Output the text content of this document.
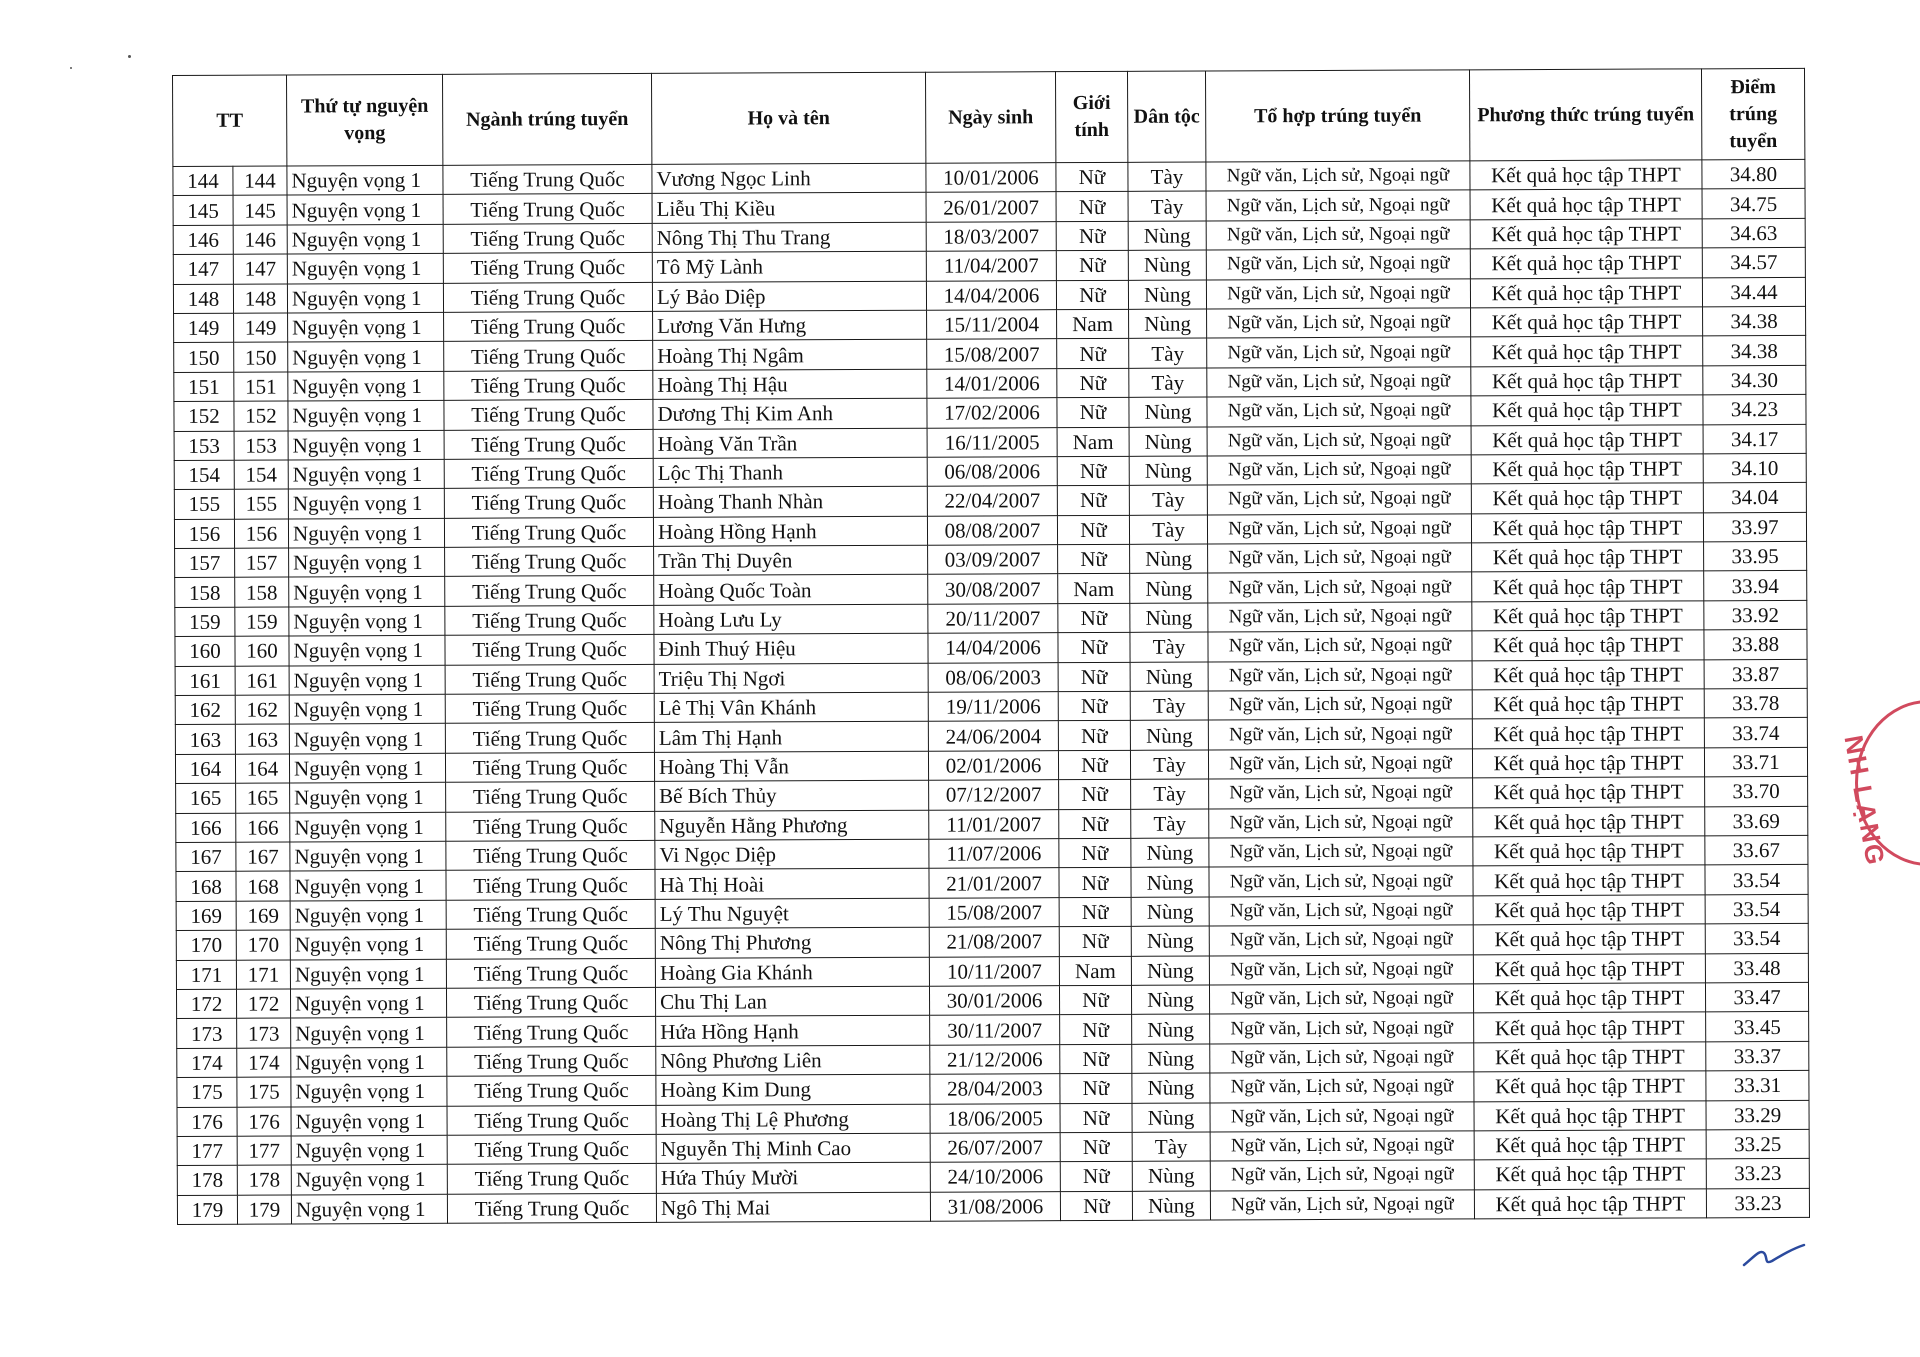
TT		Thứ tự nguyện vọng	Ngành trúng tuyển	Họ và tên	Ngày sinh	Giới tính	Dân tộc	Tổ hợp trúng tuyển	Phương thức trúng tuyển	Điểm trúng tuyển
144	144	Nguyện vọng 1	Tiếng Trung Quốc	Vương Ngọc Linh	10/01/2006	Nữ	Tày	Ngữ văn, Lịch sử, Ngoại ngữ	Kết quả học tập THPT	34.80
145	145	Nguyện vọng 1	Tiếng Trung Quốc	Liễu Thị Kiều	26/01/2007	Nữ	Tày	Ngữ văn, Lịch sử, Ngoại ngữ	Kết quả học tập THPT	34.75
146	146	Nguyện vọng 1	Tiếng Trung Quốc	Nông Thị Thu Trang	18/03/2007	Nữ	Nùng	Ngữ văn, Lịch sử, Ngoại ngữ	Kết quả học tập THPT	34.63
147	147	Nguyện vọng 1	Tiếng Trung Quốc	Tô Mỹ Lành	11/04/2007	Nữ	Nùng	Ngữ văn, Lịch sử, Ngoại ngữ	Kết quả học tập THPT	34.57
148	148	Nguyện vọng 1	Tiếng Trung Quốc	Lý Bảo Diệp	14/04/2006	Nữ	Nùng	Ngữ văn, Lịch sử, Ngoại ngữ	Kết quả học tập THPT	34.44
149	149	Nguyện vọng 1	Tiếng Trung Quốc	Lương Văn Hưng	15/11/2004	Nam	Nùng	Ngữ văn, Lịch sử, Ngoại ngữ	Kết quả học tập THPT	34.38
150	150	Nguyện vọng 1	Tiếng Trung Quốc	Hoàng Thị Ngâm	15/08/2007	Nữ	Tày	Ngữ văn, Lịch sử, Ngoại ngữ	Kết quả học tập THPT	34.38
151	151	Nguyện vọng 1	Tiếng Trung Quốc	Hoàng Thị Hậu	14/01/2006	Nữ	Tày	Ngữ văn, Lịch sử, Ngoại ngữ	Kết quả học tập THPT	34.30
152	152	Nguyện vọng 1	Tiếng Trung Quốc	Dương Thị Kim Anh	17/02/2006	Nữ	Nùng	Ngữ văn, Lịch sử, Ngoại ngữ	Kết quả học tập THPT	34.23
153	153	Nguyện vọng 1	Tiếng Trung Quốc	Hoàng Văn Trần	16/11/2005	Nam	Nùng	Ngữ văn, Lịch sử, Ngoại ngữ	Kết quả học tập THPT	34.17
154	154	Nguyện vọng 1	Tiếng Trung Quốc	Lộc Thị Thanh	06/08/2006	Nữ	Nùng	Ngữ văn, Lịch sử, Ngoại ngữ	Kết quả học tập THPT	34.10
155	155	Nguyện vọng 1	Tiếng Trung Quốc	Hoàng Thanh Nhàn	22/04/2007	Nữ	Tày	Ngữ văn, Lịch sử, Ngoại ngữ	Kết quả học tập THPT	34.04
156	156	Nguyện vọng 1	Tiếng Trung Quốc	Hoàng Hồng Hạnh	08/08/2007	Nữ	Tày	Ngữ văn, Lịch sử, Ngoại ngữ	Kết quả học tập THPT	33.97
157	157	Nguyện vọng 1	Tiếng Trung Quốc	Trần Thị Duyên	03/09/2007	Nữ	Nùng	Ngữ văn, Lịch sử, Ngoại ngữ	Kết quả học tập THPT	33.95
158	158	Nguyện vọng 1	Tiếng Trung Quốc	Hoàng Quốc Toàn	30/08/2007	Nam	Nùng	Ngữ văn, Lịch sử, Ngoại ngữ	Kết quả học tập THPT	33.94
159	159	Nguyện vọng 1	Tiếng Trung Quốc	Hoàng Lưu Ly	20/11/2007	Nữ	Nùng	Ngữ văn, Lịch sử, Ngoại ngữ	Kết quả học tập THPT	33.92
160	160	Nguyện vọng 1	Tiếng Trung Quốc	Đinh Thuý Hiệu	14/04/2006	Nữ	Tày	Ngữ văn, Lịch sử, Ngoại ngữ	Kết quả học tập THPT	33.88
161	161	Nguyện vọng 1	Tiếng Trung Quốc	Triệu Thị Ngơi	08/06/2003	Nữ	Nùng	Ngữ văn, Lịch sử, Ngoại ngữ	Kết quả học tập THPT	33.87
162	162	Nguyện vọng 1	Tiếng Trung Quốc	Lê Thị Vân Khánh	19/11/2006	Nữ	Tày	Ngữ văn, Lịch sử, Ngoại ngữ	Kết quả học tập THPT	33.78
163	163	Nguyện vọng 1	Tiếng Trung Quốc	Lâm Thị Hạnh	24/06/2004	Nữ	Nùng	Ngữ văn, Lịch sử, Ngoại ngữ	Kết quả học tập THPT	33.74
164	164	Nguyện vọng 1	Tiếng Trung Quốc	Hoàng Thị Vẫn	02/01/2006	Nữ	Tày	Ngữ văn, Lịch sử, Ngoại ngữ	Kết quả học tập THPT	33.71
165	165	Nguyện vọng 1	Tiếng Trung Quốc	Bế Bích Thủy	07/12/2007	Nữ	Tày	Ngữ văn, Lịch sử, Ngoại ngữ	Kết quả học tập THPT	33.70
166	166	Nguyện vọng 1	Tiếng Trung Quốc	Nguyễn Hằng Phương	11/01/2007	Nữ	Tày	Ngữ văn, Lịch sử, Ngoại ngữ	Kết quả học tập THPT	33.69
167	167	Nguyện vọng 1	Tiếng Trung Quốc	Vi Ngọc Diệp	11/07/2006	Nữ	Nùng	Ngữ văn, Lịch sử, Ngoại ngữ	Kết quả học tập THPT	33.67
168	168	Nguyện vọng 1	Tiếng Trung Quốc	Hà Thị Hoài	21/01/2007	Nữ	Nùng	Ngữ văn, Lịch sử, Ngoại ngữ	Kết quả học tập THPT	33.54
169	169	Nguyện vọng 1	Tiếng Trung Quốc	Lý Thu Nguyệt	15/08/2007	Nữ	Nùng	Ngữ văn, Lịch sử, Ngoại ngữ	Kết quả học tập THPT	33.54
170	170	Nguyện vọng 1	Tiếng Trung Quốc	Nông Thị Phương	21/08/2007	Nữ	Nùng	Ngữ văn, Lịch sử, Ngoại ngữ	Kết quả học tập THPT	33.54
171	171	Nguyện vọng 1	Tiếng Trung Quốc	Hoàng Gia Khánh	10/11/2007	Nam	Nùng	Ngữ văn, Lịch sử, Ngoại ngữ	Kết quả học tập THPT	33.48
172	172	Nguyện vọng 1	Tiếng Trung Quốc	Chu Thị Lan	30/01/2006	Nữ	Nùng	Ngữ văn, Lịch sử, Ngoại ngữ	Kết quả học tập THPT	33.47
173	173	Nguyện vọng 1	Tiếng Trung Quốc	Hứa Hồng Hạnh	30/11/2007	Nữ	Nùng	Ngữ văn, Lịch sử, Ngoại ngữ	Kết quả học tập THPT	33.45
174	174	Nguyện vọng 1	Tiếng Trung Quốc	Nông Phương Liên	21/12/2006	Nữ	Nùng	Ngữ văn, Lịch sử, Ngoại ngữ	Kết quả học tập THPT	33.37
175	175	Nguyện vọng 1	Tiếng Trung Quốc	Hoàng Kim Dung	28/04/2003	Nữ	Nùng	Ngữ văn, Lịch sử, Ngoại ngữ	Kết quả học tập THPT	33.31
176	176	Nguyện vọng 1	Tiếng Trung Quốc	Hoàng Thị Lệ Phương	18/06/2005	Nữ	Nùng	Ngữ văn, Lịch sử, Ngoại ngữ	Kết quả học tập THPT	33.29
177	177	Nguyện vọng 1	Tiếng Trung Quốc	Nguyễn Thị Minh Cao	26/07/2007	Nữ	Tày	Ngữ văn, Lịch sử, Ngoại ngữ	Kết quả học tập THPT	33.25
178	178	Nguyện vọng 1	Tiếng Trung Quốc	Hứa Thúy Mười	24/10/2006	Nữ	Nùng	Ngữ văn, Lịch sử, Ngoại ngữ	Kết quả học tập THPT	33.23
179	179	Nguyện vọng 1	Tiếng Trung Quốc	Ngô Thị Mai	31/08/2006	Nữ	Nùng	Ngữ văn, Lịch sử, Ngoại ngữ	Kết quả học tập THPT	33.23
NH LẠNG
